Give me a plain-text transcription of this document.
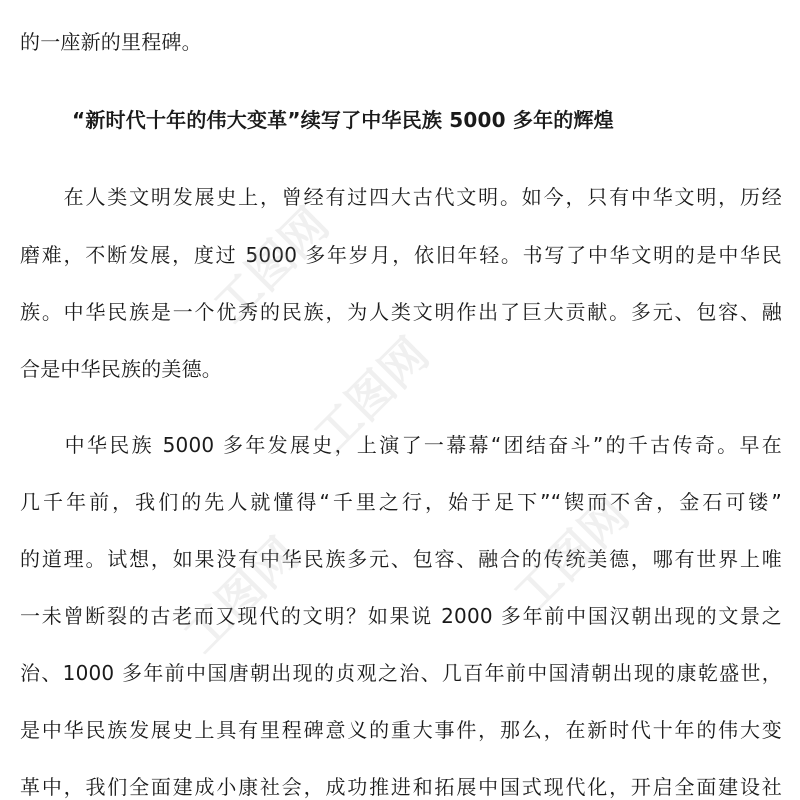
的一座新的里程碑。
“新时代十年的伟大变革”续写了中华民族 5000 多年的辉煌
　　在人类文明发展史上，曾经有过四大古代文明。如今，只有中华文明，历经
磨难，不断发展，度过 5000 多年岁月，依旧年轻。书写了中华文明的是中华民
族。中华民族是一个优秀的民族，为人类文明作出了巨大贡献。多元、包容、融
合是中华民族的美德。
　　中华民族 5000 多年发展史，上演了一幕幕“团结奋斗”的千古传奇。早在
几千年前，我们的先人就懂得“千里之行，始于足下”“锲而不舍，金石可镂”
的道理。试想，如果没有中华民族多元、包容、融合的传统美德，哪有世界上唯
一未曾断裂的古老而又现代的文明？如果说 2000 多年前中国汉朝出现的文景之
治、1000 多年前中国唐朝出现的贞观之治、几百年前中国清朝出现的康乾盛世，
是中华民族发展史上具有里程碑意义的重大事件，那么，在新时代十年的伟大变
革中，我们全面建成小康社会，成功推进和拓展中国式现代化，开启全面建设社
工图网
工图网
工图网	工图网
